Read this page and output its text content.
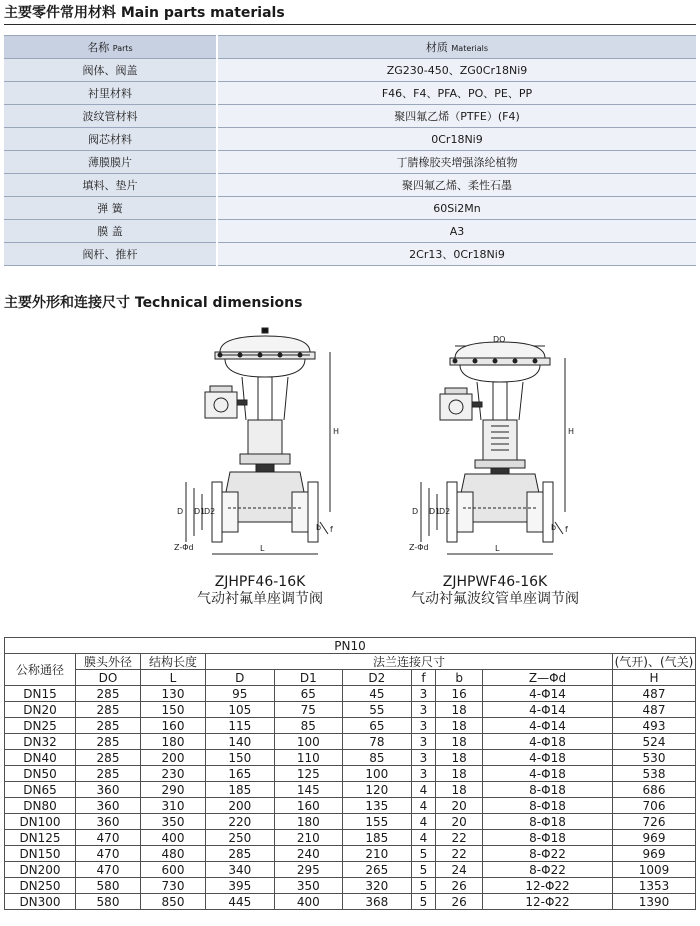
主要零件常用材料 Main parts materials
名称 Parts	材质 Materials
阀体、阀盖	ZG230-450、ZG0Cr18Ni9
衬里材料	F46、F4、PFA、PO、PE、PP
波纹管材料	聚四氟乙烯（PTFE）(F4)
阀芯材料	0Cr18Ni9
薄膜膜片	丁腈橡胶夹增强涤纶植物
填料、垫片	聚四氟乙烯、柔性石墨
弹 簧	60Si2Mn
膜 盖	A3
阀杆、推杆	2Cr13、0Cr18Ni9
主要外形和连接尺寸 Technical dimensions
H
D D1
D2
L
b f
Z-Φd
DO
H
D D1
D2
L
b f
Z-Φd
ZJHPF46-16K
气动衬氟单座调节阀
ZJHPWF46-16K
气动衬氟波纹管单座调节阀
PN10									
公称通径	膜头外径	结构长度	法兰连接尺寸						(气开)、(气关)
	DO	L	D	D1	D2	f	b	Z—Φd	H
DN15	285	130	95	65	45	3	16	4-Φ14	487
DN20	285	150	105	75	55	3	18	4-Φ14	487
DN25	285	160	115	85	65	3	18	4-Φ14	493
DN32	285	180	140	100	78	3	18	4-Φ18	524
DN40	285	200	150	110	85	3	18	4-Φ18	530
DN50	285	230	165	125	100	3	18	4-Φ18	538
DN65	360	290	185	145	120	4	18	8-Φ18	686
DN80	360	310	200	160	135	4	20	8-Φ18	706
DN100	360	350	220	180	155	4	20	8-Φ18	726
DN125	470	400	250	210	185	4	22	8-Φ18	969
DN150	470	480	285	240	210	5	22	8-Φ22	969
DN200	470	600	340	295	265	5	24	8-Φ22	1009
DN250	580	730	395	350	320	5	26	12-Φ22	1353
DN300	580	850	445	400	368	5	26	12-Φ22	1390
